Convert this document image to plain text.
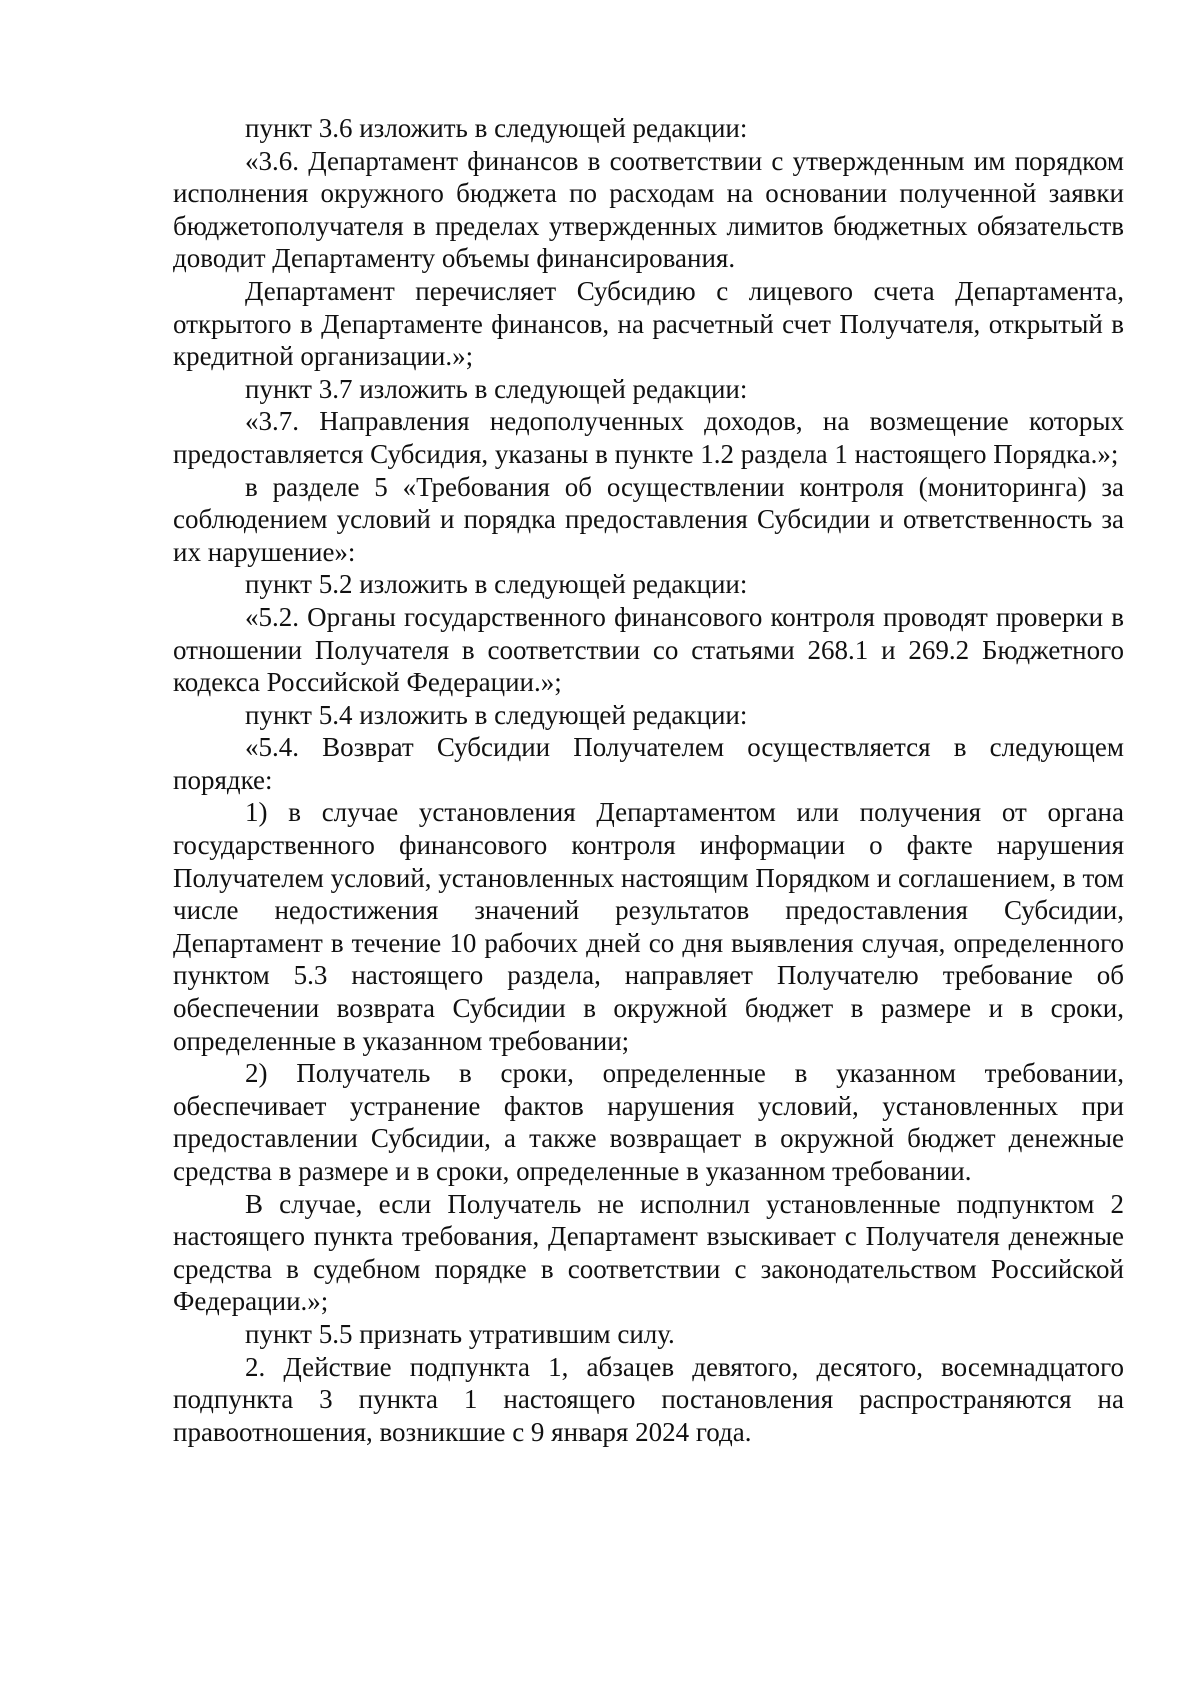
пункт 3.6 изложить в следующей редакции:

«3.6. Департамент финансов в соответствии с утвержденным им порядком исполнения окружного бюджета по расходам на основании полученной заявки бюджетополучателя в пределах утвержденных лимитов бюджетных обязательств доводит Департаменту объемы финансирования.

Департамент перечисляет Субсидию с лицевого счета Департамента, открытого в Департаменте финансов, на расчетный счет Получателя, открытый в кредитной организации.»;

пункт 3.7 изложить в следующей редакции:

«3.7. Направления недополученных доходов, на возмещение которых предоставляется Субсидия, указаны в пункте 1.2 раздела 1 настоящего Порядка.»;

в разделе 5 «Требования об осуществлении контроля (мониторинга) за соблюдением условий и порядка предоставления Субсидии и ответственность за их нарушение»:

пункт 5.2 изложить в следующей редакции:

«5.2. Органы государственного финансового контроля проводят проверки в отношении Получателя в соответствии со статьями 268.1 и 269.2 Бюджетного кодекса Российской Федерации.»;

пункт 5.4 изложить в следующей редакции:

«5.4. Возврат Субсидии Получателем осуществляется в следующем порядке:

1) в случае установления Департаментом или получения от органа государственного финансового контроля информации о факте нарушения Получателем условий, установленных настоящим Порядком и соглашением, в том числе недостижения значений результатов предоставления Субсидии, Департамент в течение 10 рабочих дней со дня выявления случая, определенного пунктом 5.3 настоящего раздела, направляет Получателю требование об обеспечении возврата Субсидии в окружной бюджет в размере и в сроки, определенные в указанном требовании;

2) Получатель в сроки, определенные в указанном требовании, обеспечивает устранение фактов нарушения условий, установленных при предоставлении Субсидии, а также возвращает в окружной бюджет денежные средства в размере и в сроки, определенные в указанном требовании.

В случае, если Получатель не исполнил установленные подпунктом 2 настоящего пункта требования, Департамент взыскивает с Получателя денежные средства в судебном порядке в соответствии с законодательством Российской Федерации.»;

пункт 5.5 признать утратившим силу.

2. Действие подпункта 1, абзацев девятого, десятого, восемнадцатого подпункта 3 пункта 1 настоящего постановления распространяются на правоотношения, возникшие с 9 января 2024 года.
